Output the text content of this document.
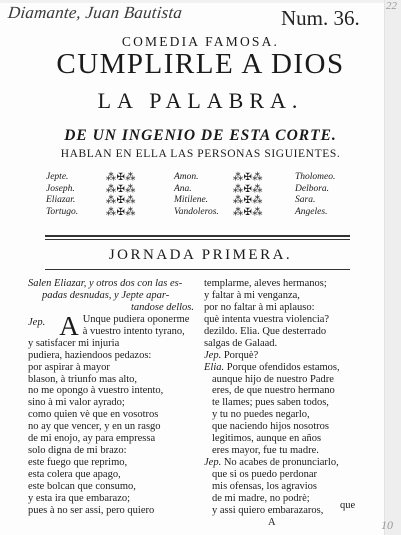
Diamante, Juan Bautista	Num. 36. 22
COMEDIA FAMOSA.
CUMPLIRLE A DIOS
LA PALABRA.
DE UN INGENIO DE ESTA CORTE.
HABLAN EN ELLA LAS PERSONAS SIGUIENTES.
Jepte.	⁂✠⁂	Amon.	⁂✠⁂	Tholomeo.
Joseph.	⁂✠⁂	Ana.	⁂✠⁂	Delbora.
Eliazar.	⁂✠⁂	Mitilene. ⁂✠⁂	Sara.
Tortugo.	⁂✠⁂	Vandoleros. ⁂✠⁂	Angeles.
JORNADA PRIMERA.
Salen Eliazar, y otros dos con las es-
padas desnudas, y Jepte apar-
tandose dellos.
Jep. A Unque pudiera oponerme
à vuestro intento tyrano,
y satisfacer mi injuria
pudiera, haziendoos pedazos:
por aspirar à mayor
blason, à triunfo mas alto,
no me opongo à vuestro intento,
sino à mi valor ayrado;
como quien vè que en vosotros
no ay que vencer, y en un rasgo
de mi enojo, ay para empressa
solo digna de mi brazo:
este fuego que reprimo,
esta colera que apago,
este bolcan que consumo,
y esta ira que embarazo;
pues à no ser assi, pero quiero
templarme, aleves hermanos;
y faltar à mi venganza,
por no faltar à mi aplauso:
què intenta vuestra violencia?
dezildo. Elia. Que desterrado
salgas de Galaad.
Jep. Porquè?
Elia. Porque ofendidos estamos,
aunque hijo de nuestro Padre
eres, de que nuestro hermano
te llames; pues saben todos,
y tu no puedes negarlo,
que naciendo hijos nosotros
legitimos, aunque en años
eres mayor, fue tu madre.
Jep. No acabes de pronunciarlo,
que si os puedo perdonar
mis ofensas, los agravios
de mi madre, no podrè;
y assi quiero embarazaros,
A
que
10
